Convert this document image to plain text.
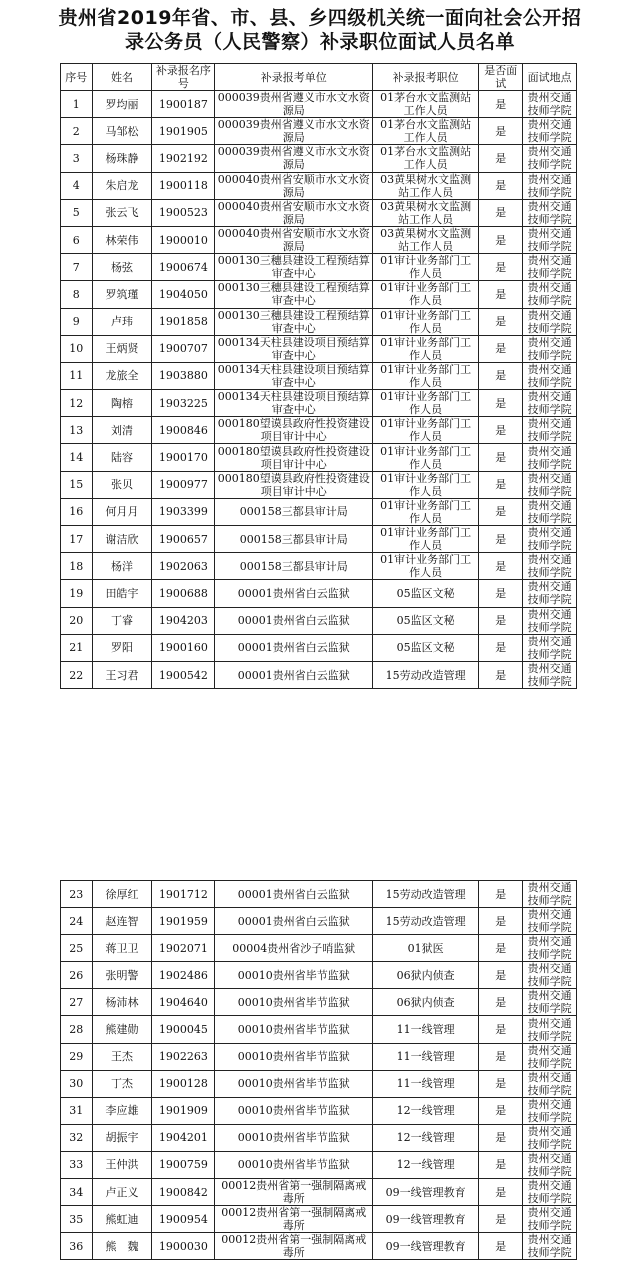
贵州省2019年省、市、县、乡四级机关统一面向社会公开招
录公务员（人民警察）补录职位面试人员名单
序号	姓名	补录报名序号	补录报考单位	补录报考职位	是否面试	面试地点
1	罗均丽	1900187	000039贵州省遵义市水文水资源局	01茅台水文监测站工作人员	是	贵州交通技师学院
2	马邹松	1901905	000039贵州省遵义市水文水资源局	01茅台水文监测站工作人员	是	贵州交通技师学院
3	杨珠静	1902192	000039贵州省遵义市水文水资源局	01茅台水文监测站工作人员	是	贵州交通技师学院
4	朱启龙	1900118	000040贵州省安顺市水文水资源局	03黄果树水文监测站工作人员	是	贵州交通技师学院
5	张云飞	1900523	000040贵州省安顺市水文水资源局	03黄果树水文监测站工作人员	是	贵州交通技师学院
6	林荣伟	1900010	000040贵州省安顺市水文水资源局	03黄果树水文监测站工作人员	是	贵州交通技师学院
7	杨弦	1900674	000130三穗县建设工程预结算审查中心	01审计业务部门工作人员	是	贵州交通技师学院
8	罗筑瑾	1904050	000130三穗县建设工程预结算审查中心	01审计业务部门工作人员	是	贵州交通技师学院
9	卢玮	1901858	000130三穗县建设工程预结算审查中心	01审计业务部门工作人员	是	贵州交通技师学院
10	王炳贤	1900707	000134天柱县建设项目预结算审查中心	01审计业务部门工作人员	是	贵州交通技师学院
11	龙旅全	1903880	000134天柱县建设项目预结算审查中心	01审计业务部门工作人员	是	贵州交通技师学院
12	陶榕	1903225	000134天柱县建设项目预结算审查中心	01审计业务部门工作人员	是	贵州交通技师学院
13	刘清	1900846	000180望谟县政府性投资建设项目审计中心	01审计业务部门工作人员	是	贵州交通技师学院
14	陆容	1900170	000180望谟县政府性投资建设项目审计中心	01审计业务部门工作人员	是	贵州交通技师学院
15	张贝	1900977	000180望谟县政府性投资建设项目审计中心	01审计业务部门工作人员	是	贵州交通技师学院
16	何月月	1903399	000158三都县审计局	01审计业务部门工作人员	是	贵州交通技师学院
17	谢洁欣	1900657	000158三都县审计局	01审计业务部门工作人员	是	贵州交通技师学院
18	杨洋	1902063	000158三都县审计局	01审计业务部门工作人员	是	贵州交通技师学院
19	田皓宇	1900688	00001贵州省白云监狱	05监区文秘	是	贵州交通技师学院
20	丁睿	1904203	00001贵州省白云监狱	05监区文秘	是	贵州交通技师学院
21	罗阳	1900160	00001贵州省白云监狱	05监区文秘	是	贵州交通技师学院
22	王习君	1900542	00001贵州省白云监狱	15劳动改造管理	是	贵州交通技师学院
23	徐厚红	1901712	00001贵州省白云监狱	15劳动改造管理	是	贵州交通技师学院
24	赵连智	1901959	00001贵州省白云监狱	15劳动改造管理	是	贵州交通技师学院
25	蒋卫卫	1902071	00004贵州省沙子哨监狱	01狱医	是	贵州交通技师学院
26	张明警	1902486	00010贵州省毕节监狱	06狱内侦查	是	贵州交通技师学院
27	杨沛林	1904640	00010贵州省毕节监狱	06狱内侦查	是	贵州交通技师学院
28	熊建勋	1900045	00010贵州省毕节监狱	11一线管理	是	贵州交通技师学院
29	王杰	1902263	00010贵州省毕节监狱	11一线管理	是	贵州交通技师学院
30	丁杰	1900128	00010贵州省毕节监狱	11一线管理	是	贵州交通技师学院
31	李应雄	1901909	00010贵州省毕节监狱	12一线管理	是	贵州交通技师学院
32	胡振宇	1904201	00010贵州省毕节监狱	12一线管理	是	贵州交通技师学院
33	王仲洪	1900759	00010贵州省毕节监狱	12一线管理	是	贵州交通技师学院
34	卢正义	1900842	00012贵州省第一强制隔离戒毒所	09一线管理教育	是	贵州交通技师学院
35	熊虹迪	1900954	00012贵州省第一强制隔离戒毒所	09一线管理教育	是	贵州交通技师学院
36	熊　魏	1900030	00012贵州省第一强制隔离戒毒所	09一线管理教育	是	贵州交通技师学院
